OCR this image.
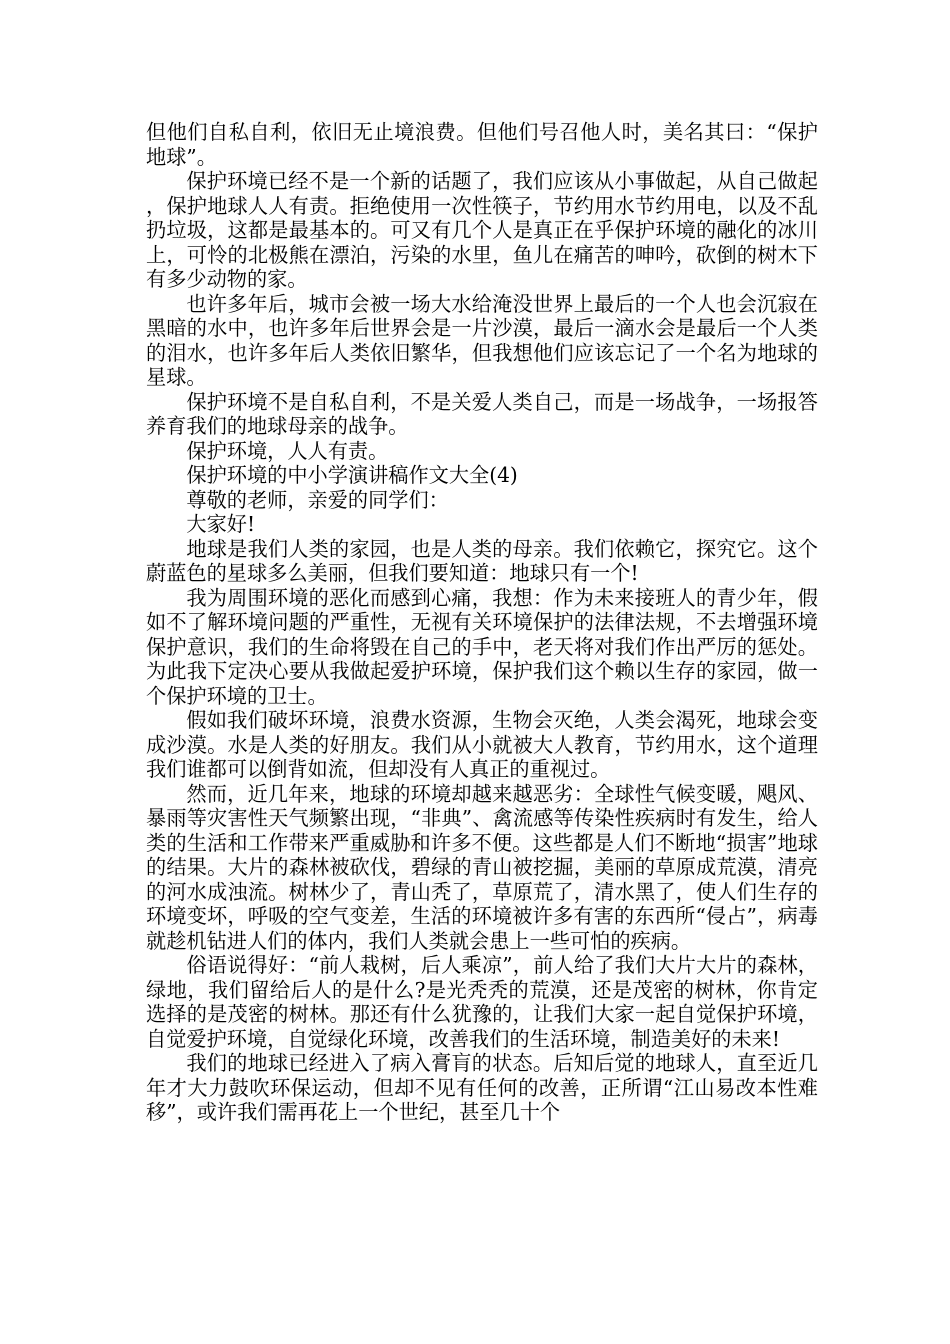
但他们自私自利，依旧无止境浪费。但他们号召他人时，美名其曰：“保护地球”。

保护环境已经不是一个新的话题了，我们应该从小事做起，从自己做起，保护地球人人有责。拒绝使用一次性筷子，节约用水节约用电，以及不乱扔垃圾，这都是最基本的。可又有几个人是真正在乎保护环境的融化的冰川上，可怜的北极熊在漂泊，污染的水里，鱼儿在痛苦的呻吟，砍倒的树木下有多少动物的家。

也许多年后，城市会被一场大水给淹没世界上最后的一个人也会沉寂在黑暗的水中，也许多年后世界会是一片沙漠，最后一滴水会是最后一个人类的泪水，也许多年后人类依旧繁华，但我想他们应该忘记了一个名为地球的星球。

保护环境不是自私自利，不是关爱人类自己，而是一场战争，一场报答养育我们的地球母亲的战争。

保护环境，人人有责。

保护环境的中小学演讲稿作文大全(4)

尊敬的老师，亲爱的同学们：

大家好!

地球是我们人类的家园，也是人类的母亲。我们依赖它，探究它。这个蔚蓝色的星球多么美丽，但我们要知道：地球只有一个!

我为周围环境的恶化而感到心痛，我想：作为未来接班人的青少年，假如不了解环境问题的严重性，无视有关环境保护的法律法规，不去增强环境保护意识，我们的生命将毁在自己的手中，老天将对我们作出严厉的惩处。为此我下定决心要从我做起爱护环境，保护我们这个赖以生存的家园，做一个保护环境的卫士。

假如我们破坏环境，浪费水资源，生物会灭绝，人类会渴死，地球会变成沙漠。水是人类的好朋友。我们从小就被大人教育，节约用水，这个道理我们谁都可以倒背如流，但却没有人真正的重视过。

然而，近几年来，地球的环境却越来越恶劣：全球性气候变暖，飓风、暴雨等灾害性天气频繁出现，“非典”、禽流感等传染性疾病时有发生，给人类的生活和工作带来严重威胁和许多不便。这些都是人们不断地“损害”地球的结果。大片的森林被砍伐，碧绿的青山被挖掘，美丽的草原成荒漠，清亮的河水成浊流。树林少了，青山秃了，草原荒了，清水黑了，使人们生存的环境变坏，呼吸的空气变差，生活的环境被许多有害的东西所“侵占”，病毒就趁机钻进人们的体内，我们人类就会患上一些可怕的疾病。

俗语说得好：“前人栽树，后人乘凉”，前人给了我们大片大片的森林，绿地，我们留给后人的是什么?是光秃秃的荒漠，还是茂密的树林，你肯定选择的是茂密的树林。那还有什么犹豫的，让我们大家一起自觉保护环境，自觉爱护环境，自觉绿化环境，改善我们的生活环境，制造美好的未来!

我们的地球已经进入了病入膏肓的状态。后知后觉的地球人，直至近几年才大力鼓吹环保运动，但却不见有任何的改善，正所谓“江山易改本性难移”，或许我们需再花上一个世纪，甚至几十个
